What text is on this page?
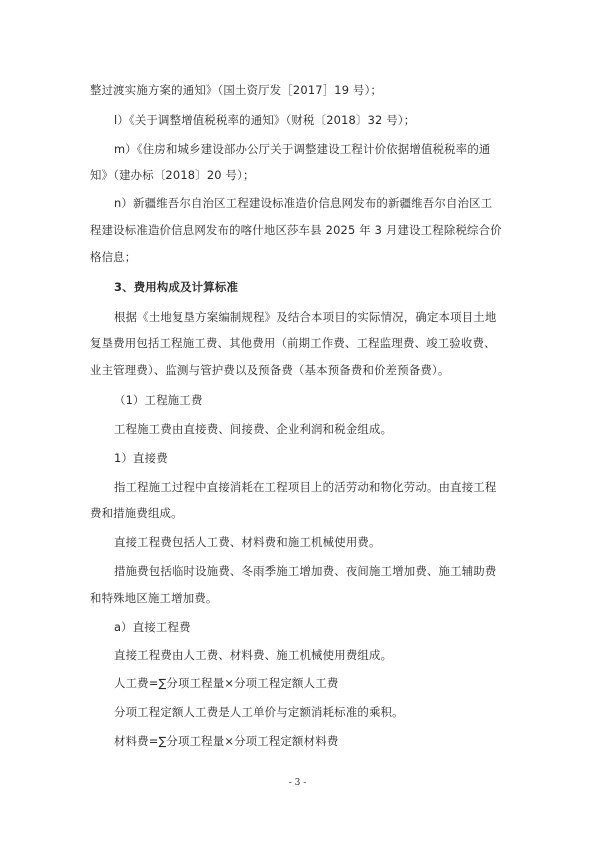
整过渡实施方案的通知》（国土资厅发［2017］19 号）；
l）《关于调整增值税税率的通知》（财税〔2018〕32 号）；
m）《住房和城乡建设部办公厅关于调整建设工程计价依据增值税税率的通
知》（建办标〔2018〕20 号）；
n）新疆维吾尔自治区工程建设标准造价信息网发布的新疆维吾尔自治区工
程建设标准造价信息网发布的喀什地区莎车县 2025 年 3 月建设工程除税综合价
格信息；
3、费用构成及计算标准
根据《土地复垦方案编制规程》及结合本项目的实际情况，确定本项目土地
复垦费用包括工程施工费、其他费用（前期工作费、工程监理费、竣工验收费、
业主管理费）、监测与管护费以及预备费（基本预备费和价差预备费）。
（1）工程施工费
工程施工费由直接费、间接费、企业利润和税金组成。
1）直接费
指工程施工过程中直接消耗在工程项目上的活劳动和物化劳动。由直接工程
费和措施费组成。
直接工程费包括人工费、材料费和施工机械使用费。
措施费包括临时设施费、冬雨季施工增加费、夜间施工增加费、施工辅助费
和特殊地区施工增加费。
a）直接工程费
直接工程费由人工费、材料费、施工机械使用费组成。
人工费=∑分项工程量×分项工程定额人工费
分项工程定额人工费是人工单价与定额消耗标准的乘积。
材料费=∑分项工程量×分项工程定额材料费
- 3 -
